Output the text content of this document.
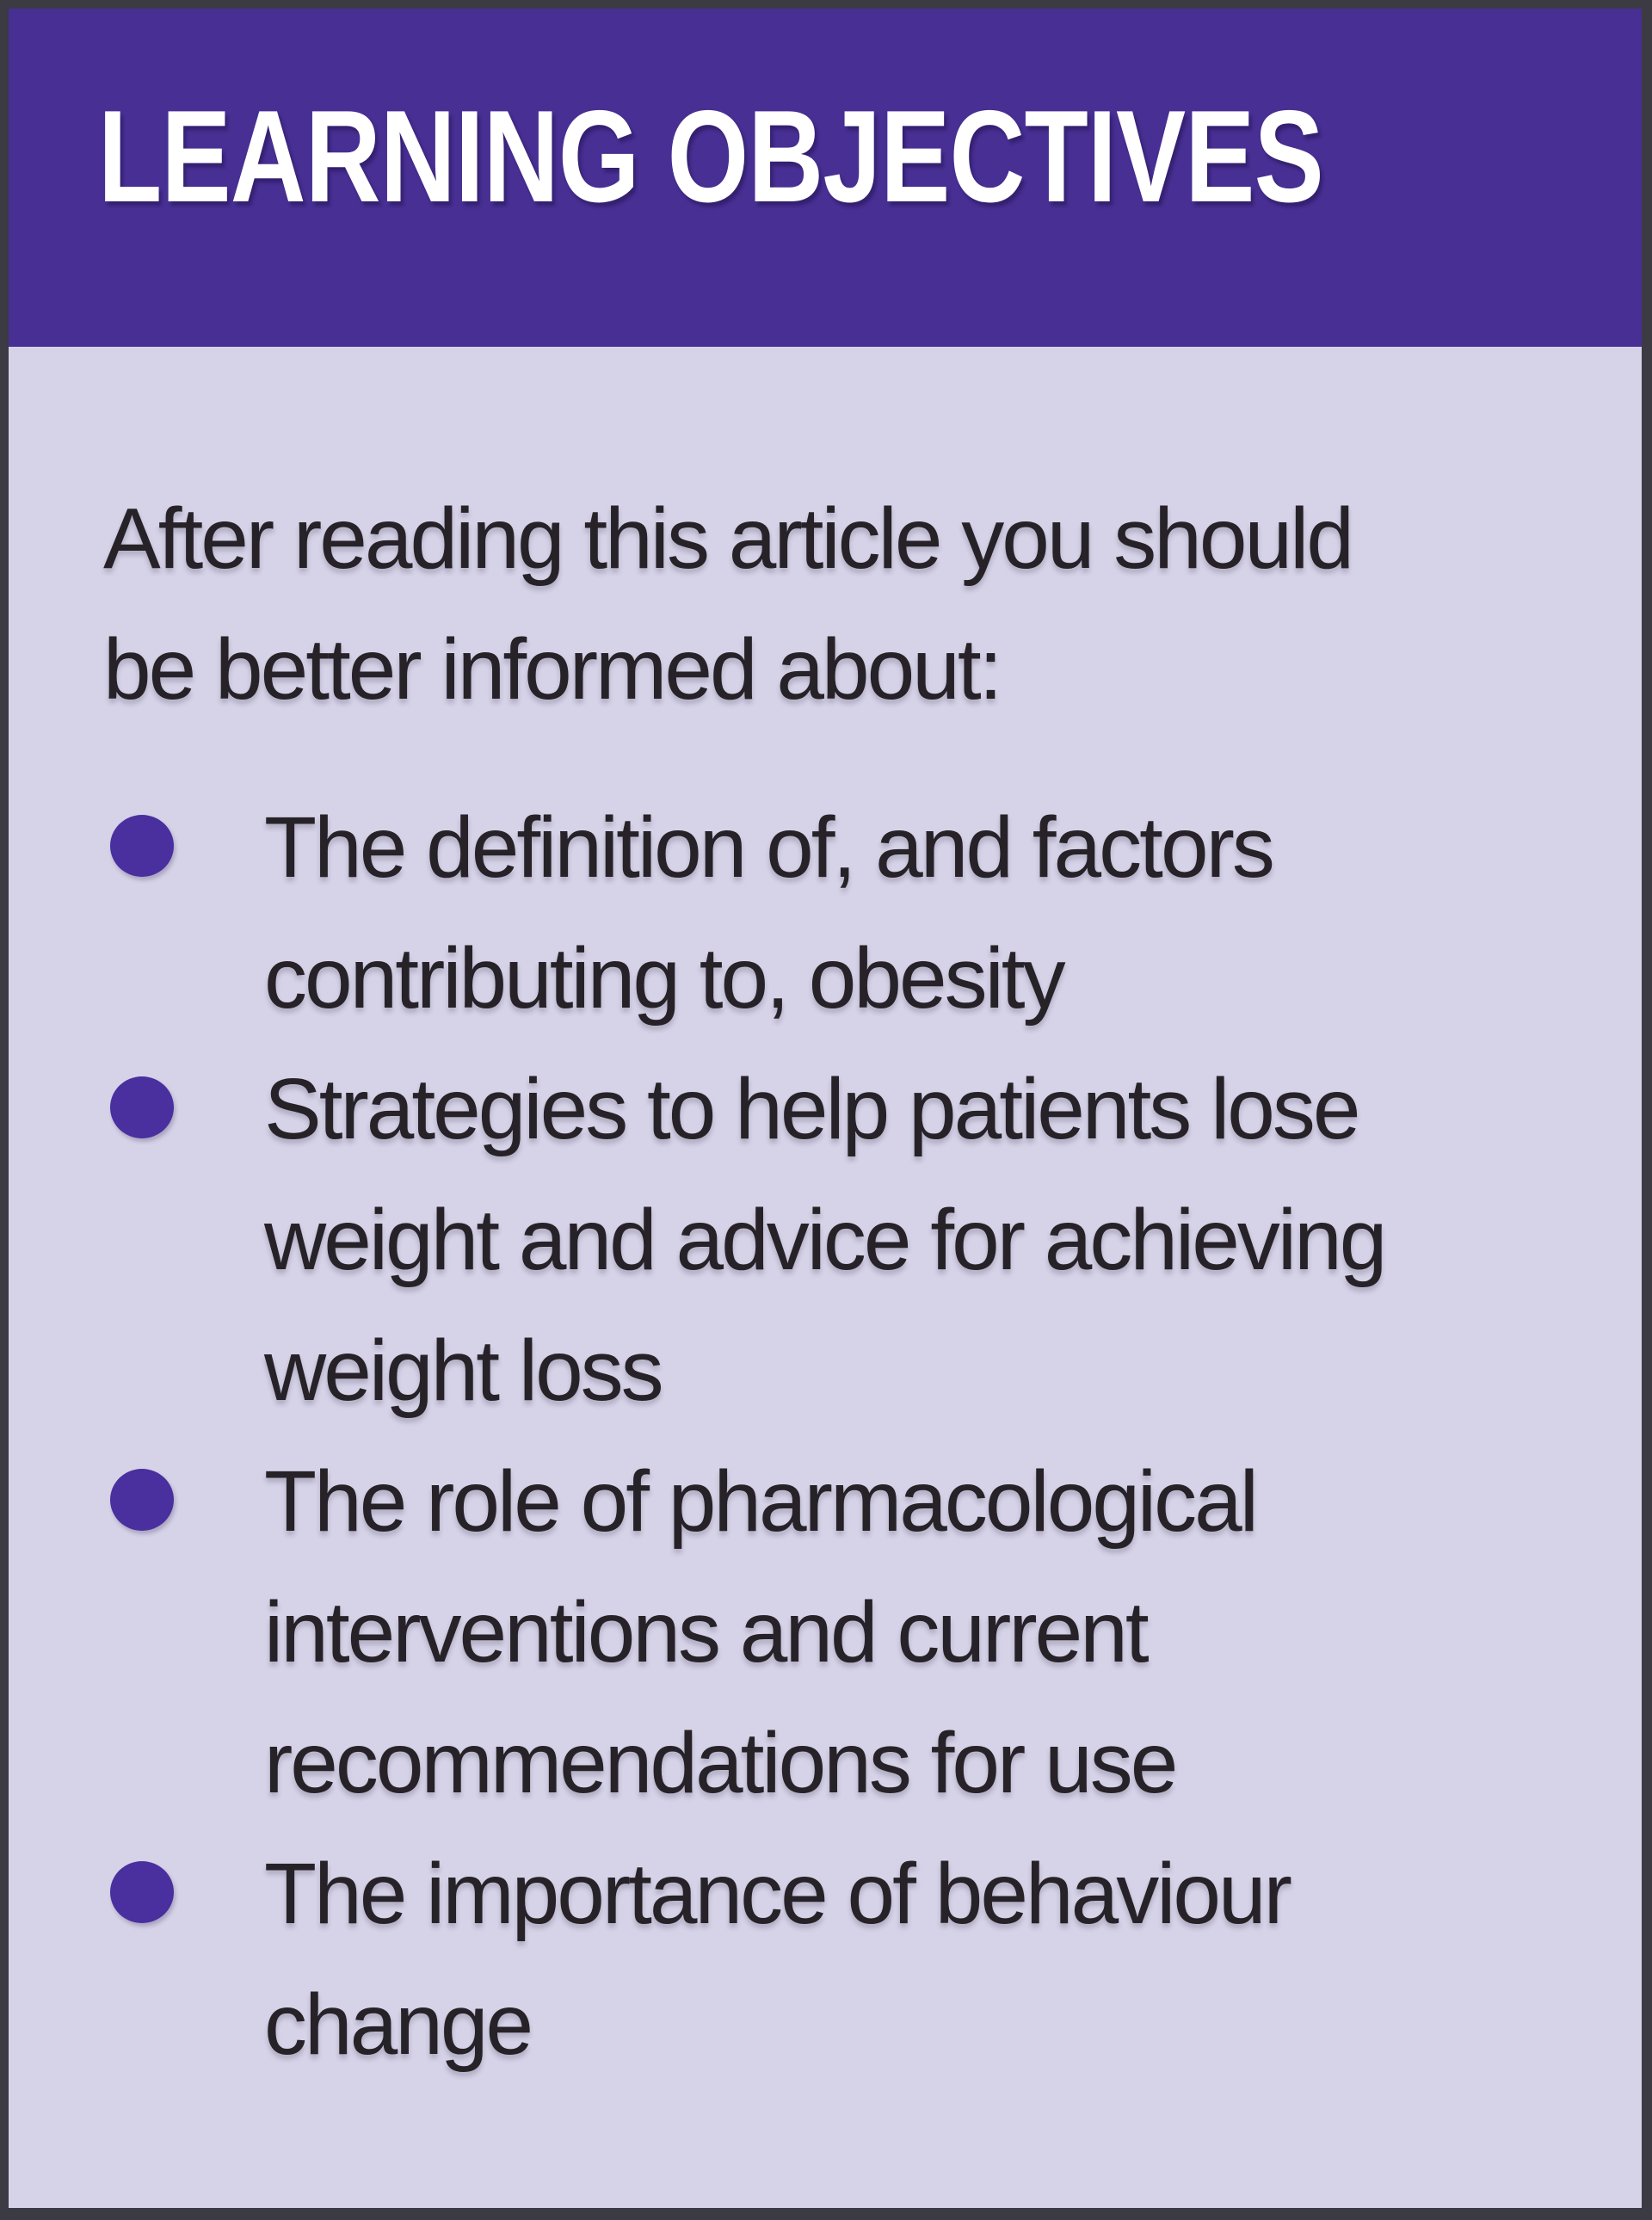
LEARNING OBJECTIVES

After reading this article you should
be better informed about:

The definition of, and factors
contributing to, obesity
Strategies to help patients lose
weight and advice for achieving
weight loss
The role of pharmacological
interventions and current
recommendations for use
The importance of behaviour
change
